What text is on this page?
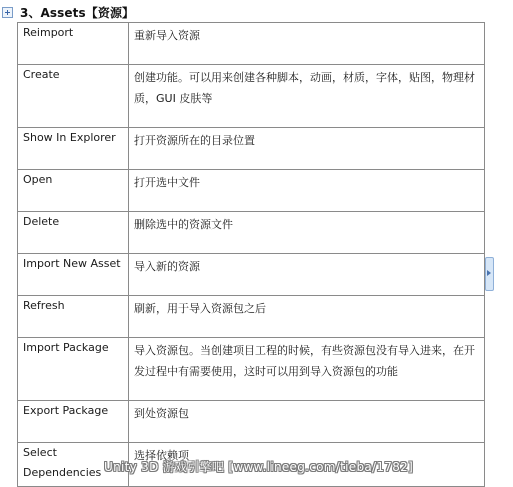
3、Assets【资源】
Reimport	重新导入资源

Create	创建功能。可以用来创建各种脚本，动画，材质，字体，贴图，物理材质，GUI 皮肤等

Show In Explorer	打开资源所在的目录位置

Open	打开选中文件

Delete	删除选中的资源文件

Import New Asset	导入新的资源

Refresh	刷新，用于导入资源包之后

Import Package	导入资源包。当创建项目工程的时候，有些资源包没有导入进来，在开发过程中有需要使用，这时可以用到导入资源包的功能

Export Package	到处资源包

Select Dependencies	选择依赖项
Unity 3D 游戏引擎吧 [www.lineeg.com/tieba/1782]
